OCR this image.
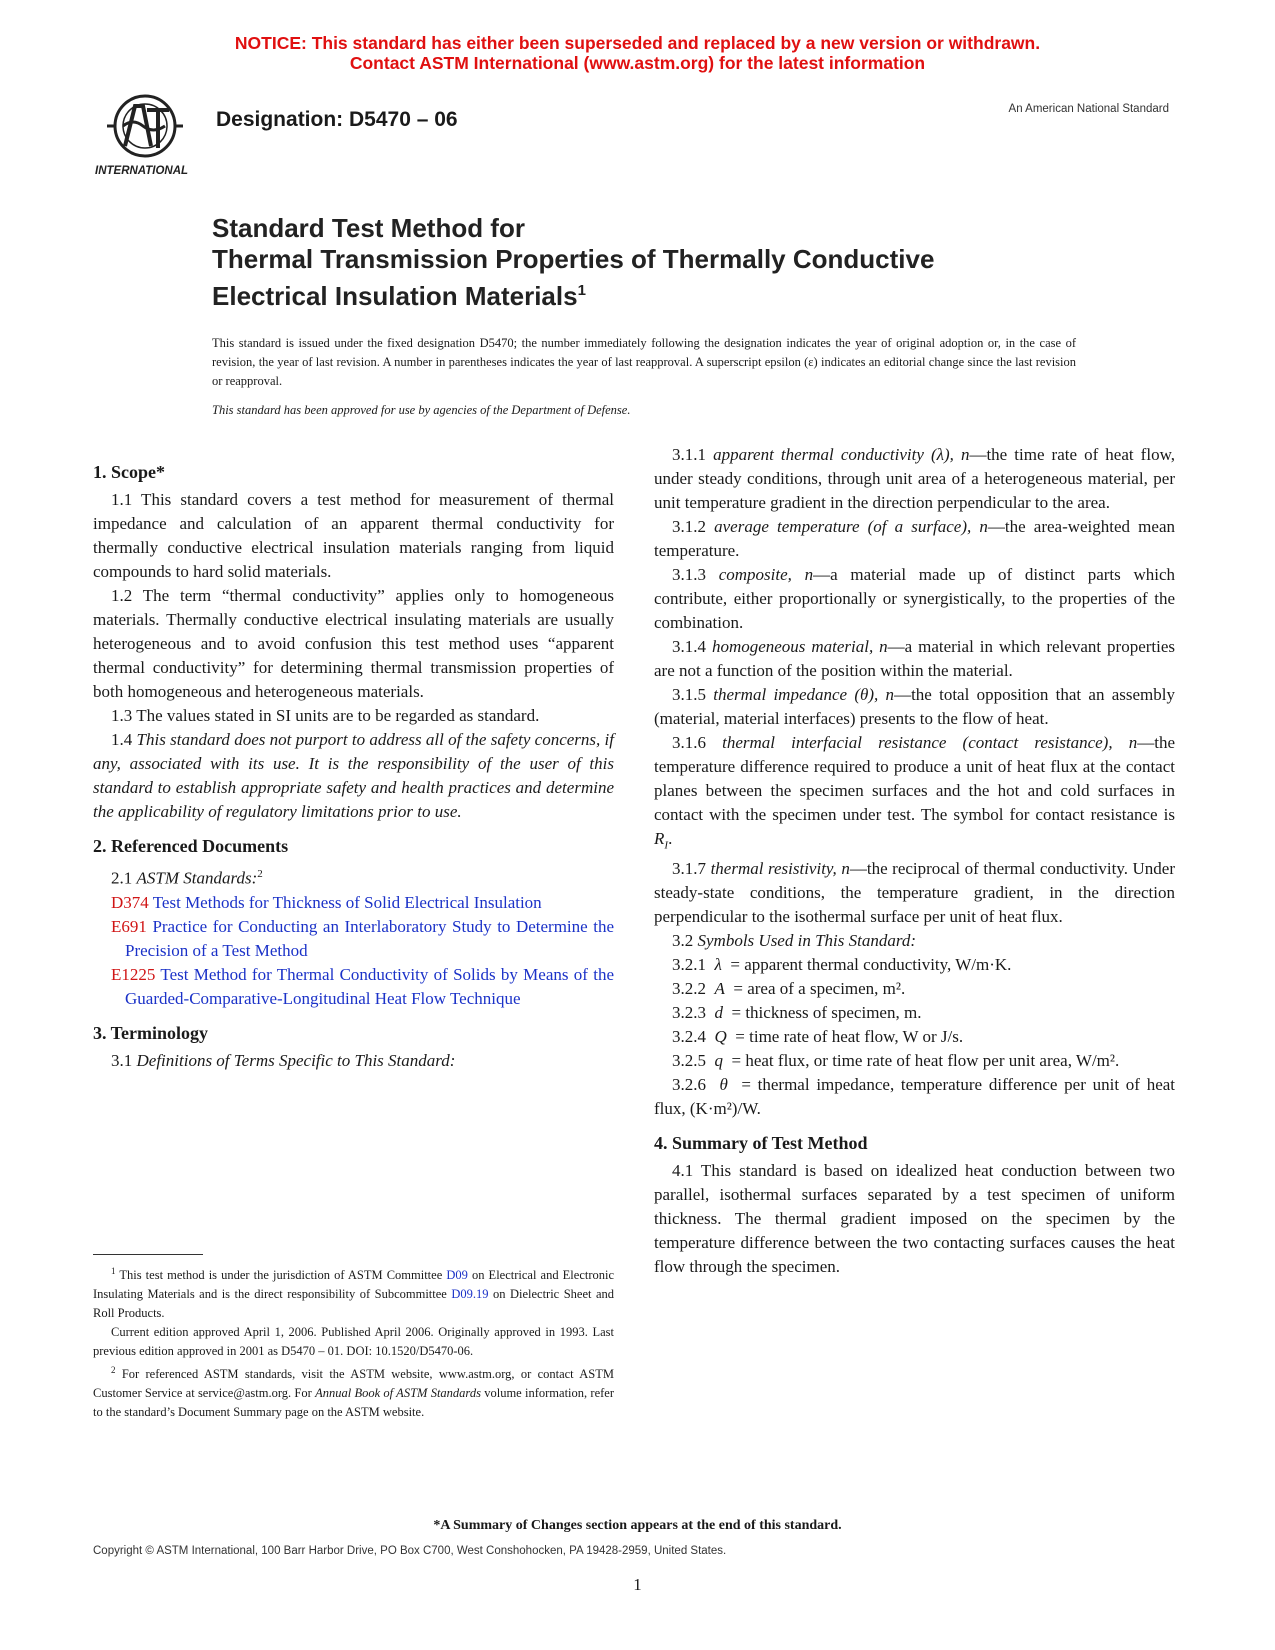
NOTICE: This standard has either been superseded and replaced by a new version or withdrawn.
Contact ASTM International (www.astm.org) for the latest information
INTERNATIONAL
Designation: D5470 – 06	An American National Standard
Standard Test Method for
Thermal Transmission Properties of Thermally Conductive
Electrical Insulation Materials$^1$
This standard is issued under the fixed designation D5470; the number immediately following the designation indicates the year of original adoption or, in the case of revision, the year of last revision. A number in parentheses indicates the year of last reapproval. A superscript epsilon (ε) indicates an editorial change since the last revision or reapproval.
This standard has been approved for use by agencies of the Department of Defense.
1. Scope*

1.1 This standard covers a test method for measurement of thermal impedance and calculation of an apparent thermal conductivity for thermally conductive electrical insulation materials ranging from liquid compounds to hard solid materials.

1.2 The term “thermal conductivity” applies only to homogeneous materials. Thermally conductive electrical insulating materials are usually heterogeneous and to avoid confusion this test method uses “apparent thermal conductivity” for determining thermal transmission properties of both homogeneous and heterogeneous materials.

1.3 The values stated in SI units are to be regarded as standard.

1.4 This standard does not purport to address all of the safety concerns, if any, associated with its use. It is the responsibility of the user of this standard to establish appropriate safety and health practices and determine the applicability of regulatory limitations prior to use.

2. Referenced Documents

2.1 ASTM Standards:$^2$

D374 Test Methods for Thickness of Solid Electrical Insulation

E691 Practice for Conducting an Interlaboratory Study to Determine the Precision of a Test Method

E1225 Test Method for Thermal Conductivity of Solids by Means of the Guarded-Comparative-Longitudinal Heat Flow Technique

3. Terminology

3.1 Definitions of Terms Specific to This Standard:

3.1.1 apparent thermal conductivity (λ), n—the time rate of heat flow, under steady conditions, through unit area of a heterogeneous material, per unit temperature gradient in the direction perpendicular to the area.

3.1.2 average temperature (of a surface), n—the area-weighted mean temperature.

3.1.3 composite, n—a material made up of distinct parts which contribute, either proportionally or synergistically, to the properties of the combination.

3.1.4 homogeneous material, n—a material in which relevant properties are not a function of the position within the material.

3.1.5 thermal impedance (θ), n—the total opposition that an assembly (material, material interfaces) presents to the flow of heat.

3.1.6 thermal interfacial resistance (contact resistance), n—the temperature difference required to produce a unit of heat flux at the contact planes between the specimen surfaces and the hot and cold surfaces in contact with the specimen under test. The symbol for contact resistance is $R_I$.

3.1.7 thermal resistivity, n—the reciprocal of thermal conductivity. Under steady-state conditions, the temperature gradient, in the direction perpendicular to the isothermal surface per unit of heat flux.

3.2 Symbols Used in This Standard:

3.2.1 λ = apparent thermal conductivity, W/m·K.

3.2.2 A = area of a specimen, m².

3.2.3 d = thickness of specimen, m.

3.2.4 Q = time rate of heat flow, W or J/s.

3.2.5 q = heat flux, or time rate of heat flow per unit area, W/m².

3.2.6 θ = thermal impedance, temperature difference per unit of heat flux, (K·m²)/W.

4. Summary of Test Method

4.1 This standard is based on idealized heat conduction between two parallel, isothermal surfaces separated by a test specimen of uniform thickness. The thermal gradient imposed on the specimen by the temperature difference between the two contacting surfaces causes the heat flow through the specimen.

$^1$ This test method is under the jurisdiction of ASTM Committee D09 on Electrical and Electronic Insulating Materials and is the direct responsibility of Subcommittee D09.19 on Dielectric Sheet and Roll Products.

Current edition approved April 1, 2006. Published April 2006. Originally approved in 1993. Last previous edition approved in 2001 as D5470 – 01. DOI: 10.1520/D5470-06.

$^2$ For referenced ASTM standards, visit the ASTM website, www.astm.org, or contact ASTM Customer Service at service@astm.org. For Annual Book of ASTM Standards volume information, refer to the standard’s Document Summary page on the ASTM website.

*A Summary of Changes section appears at the end of this standard.
Copyright © ASTM International, 100 Barr Harbor Drive, PO Box C700, West Conshohocken, PA 19428-2959, United States.
1
